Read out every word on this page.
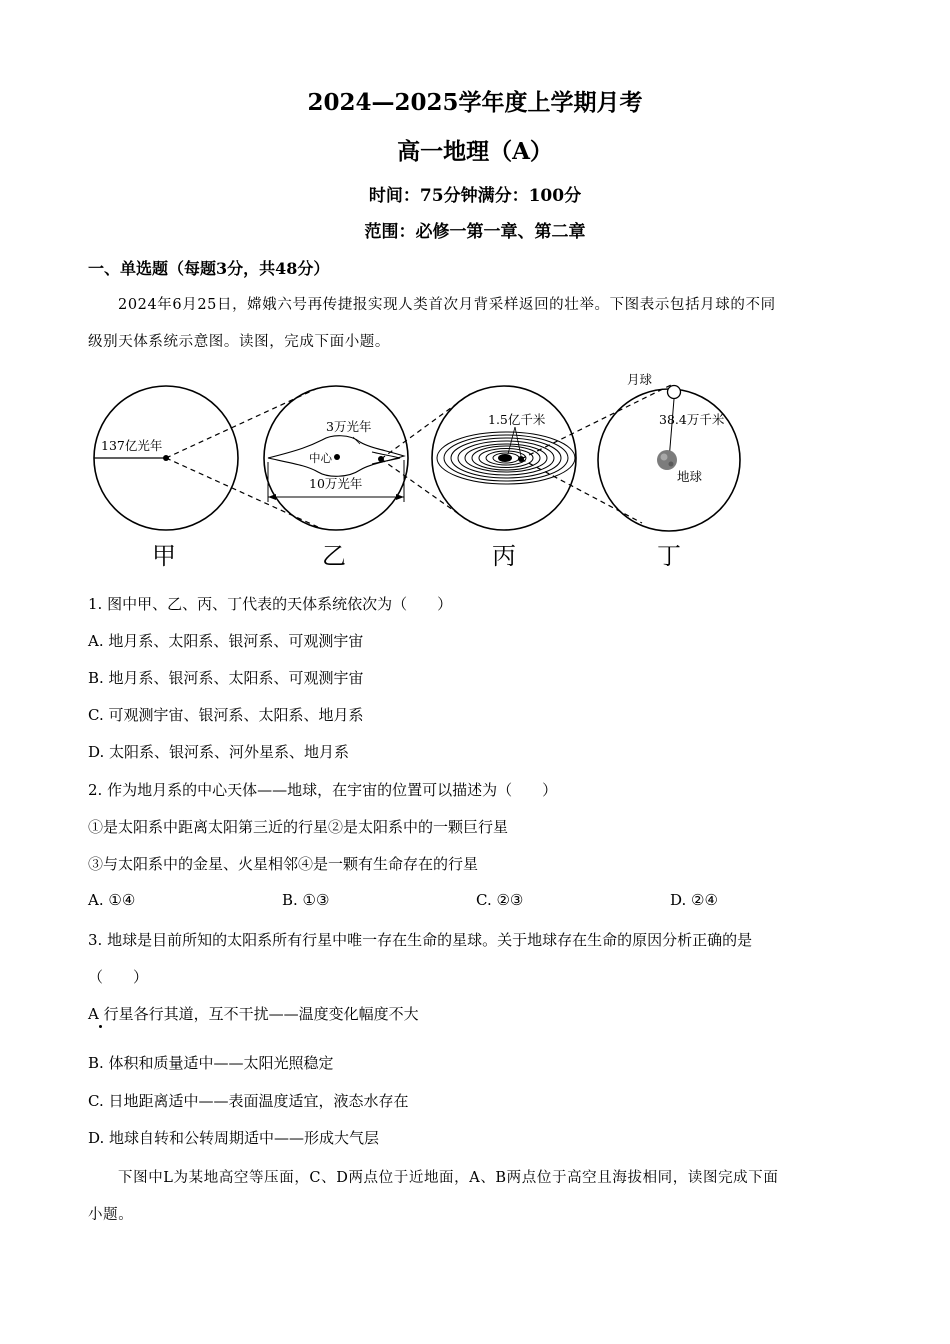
2024—2025学年度上学期月考
高一地理（A）
时间：75分钟满分：100分
范围：必修一第一章、第二章
一、单选题（每题3分，共48分）
2024年6月25日，嫦娥六号再传捷报实现人类首次月背采样返回的壮举。下图表示包括月球的不同
级别天体系统示意图。读图，完成下面小题。
137亿光年
3万光年
中心
10万光年
1.5亿千米
月球
38.4万千米
地球
甲	乙	丙	丁
1. 图中甲、乙、丙、丁代表的天体系统依次为（　　）
A. 地月系、太阳系、银河系、可观测宇宙
B. 地月系、银河系、太阳系、可观测宇宙
C. 可观测宇宙、银河系、太阳系、地月系
D. 太阳系、银河系、河外星系、地月系
2. 作为地月系的中心天体——地球，在宇宙的位置可以描述为（　　）
①是太阳系中距离太阳第三近的行星②是太阳系中的一颗巨行星
③与太阳系中的金星、火星相邻④是一颗有生命存在的行星
A. ①④	B. ①③	C. ②③	D. ②④
3. 地球是目前所知的太阳系所有行星中唯一存在生命的星球。关于地球存在生命的原因分析正确的是
（　　）
A 行星各行其道，互不干扰——温度变化幅度不大
B. 体积和质量适中——太阳光照稳定
C. 日地距离适中——表面温度适宜，液态水存在
D. 地球自转和公转周期适中——形成大气层
下图中L为某地高空等压面，C、D两点位于近地面，A、B两点位于高空且海拔相同，读图完成下面
小题。
